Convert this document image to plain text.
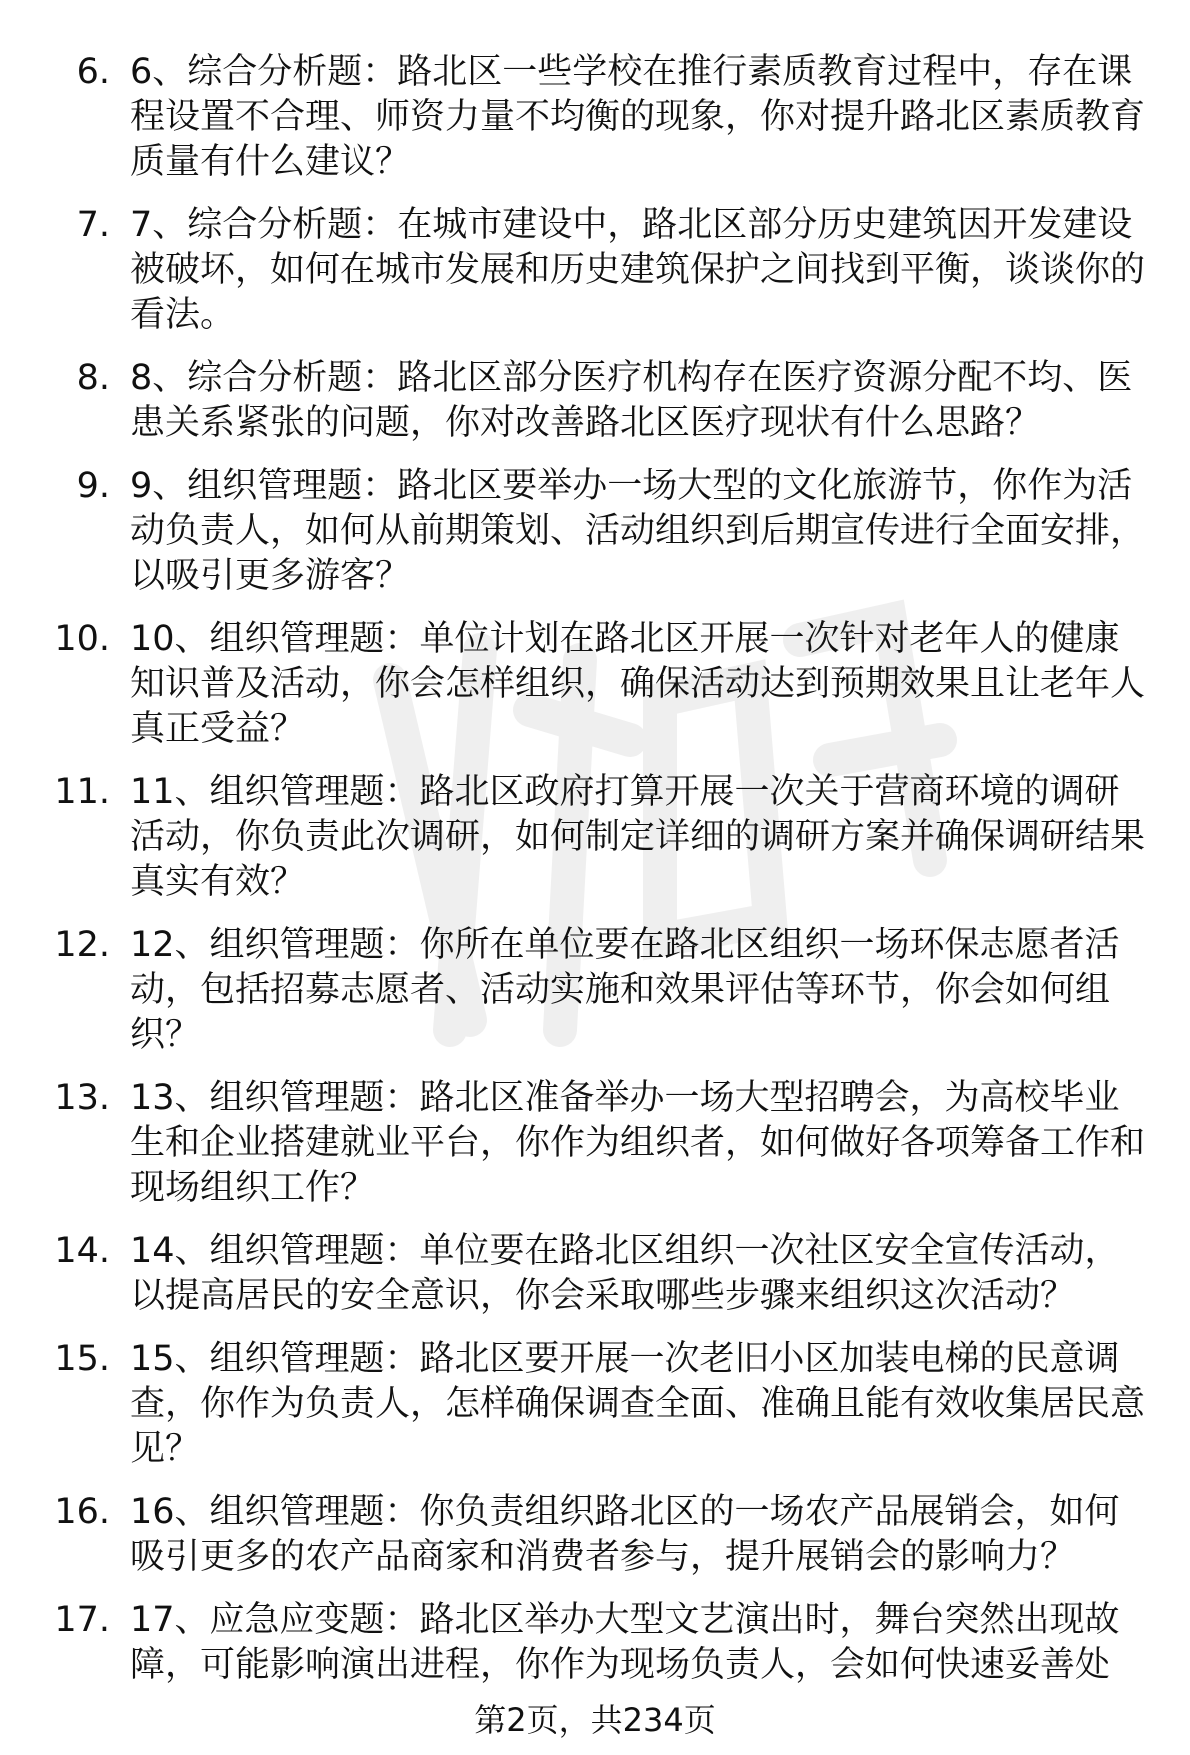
6. 6、综合分析题：路北区一些学校在推行素质教育过程中，存在课程设置不合理、师资力量不均衡的现象，你对提升路北区素质教育质量有什么建议？
7. 7、综合分析题：在城市建设中，路北区部分历史建筑因开发建设被破坏，如何在城市发展和历史建筑保护之间找到平衡，谈谈你的看法。
8. 8、综合分析题：路北区部分医疗机构存在医疗资源分配不均、医患关系紧张的问题，你对改善路北区医疗现状有什么思路？
9. 9、组织管理题：路北区要举办一场大型的文化旅游节，你作为活动负责人，如何从前期策划、活动组织到后期宣传进行全面安排，以吸引更多游客？
10. 10、组织管理题：单位计划在路北区开展一次针对老年人的健康知识普及活动，你会怎样组织，确保活动达到预期效果且让老年人真正受益？
11. 11、组织管理题：路北区政府打算开展一次关于营商环境的调研活动，你负责此次调研，如何制定详细的调研方案并确保调研结果真实有效？
12. 12、组织管理题：你所在单位要在路北区组织一场环保志愿者活动，包括招募志愿者、活动实施和效果评估等环节，你会如何组织？
13. 13、组织管理题：路北区准备举办一场大型招聘会，为高校毕业生和企业搭建就业平台，你作为组织者，如何做好各项筹备工作和现场组织工作？
14. 14、组织管理题：单位要在路北区组织一次社区安全宣传活动，以提高居民的安全意识，你会采取哪些步骤来组织这次活动？
15. 15、组织管理题：路北区要开展一次老旧小区加装电梯的民意调查，你作为负责人，怎样确保调查全面、准确且能有效收集居民意见？
16. 16、组织管理题：你负责组织路北区的一场农产品展销会，如何吸引更多的农产品商家和消费者参与，提升展销会的影响力？
17. 17、应急应变题：路北区举办大型文艺演出时，舞台突然出现故障，可能影响演出进程，你作为现场负责人，会如何快速妥善处
第2页，共234页
